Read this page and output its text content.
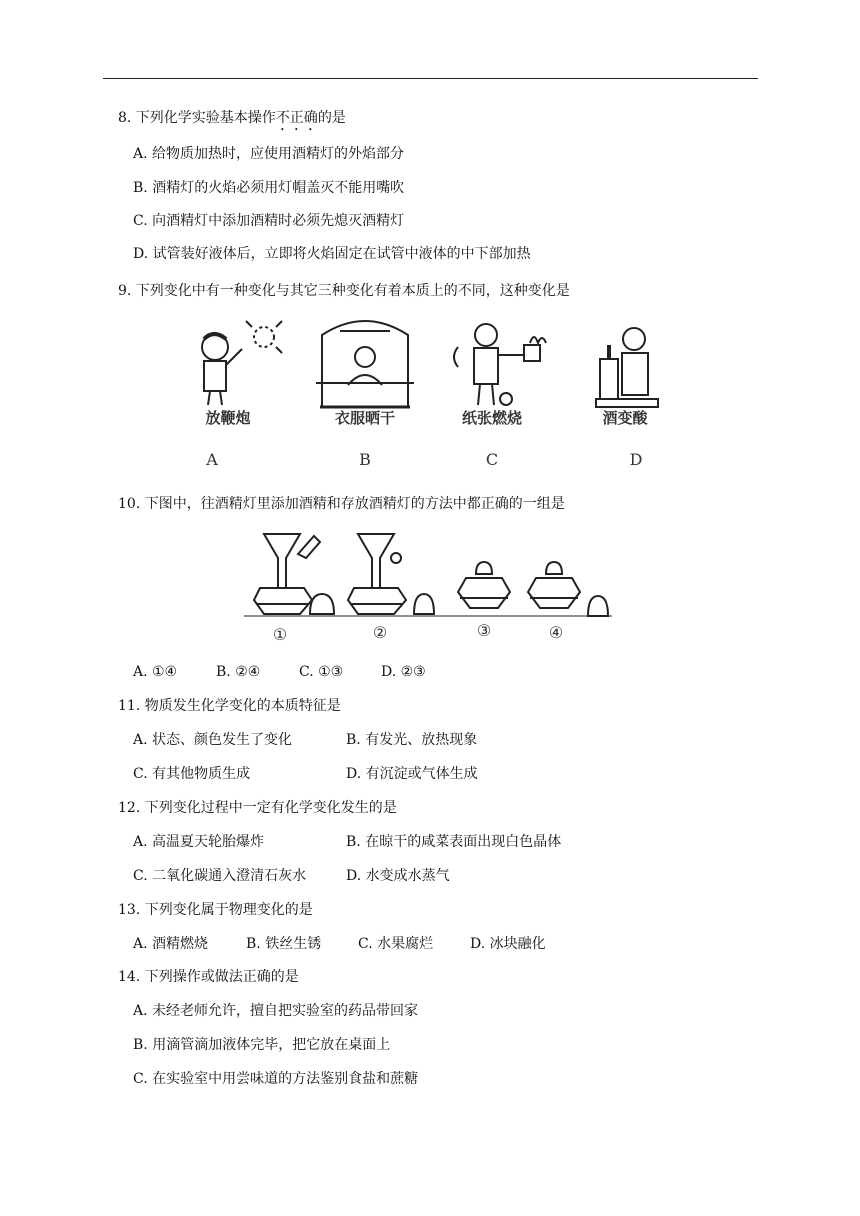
8. 下列化学实验基本操作不正确的是
A. 给物质加热时，应使用酒精灯的外焰部分
B. 酒精灯的火焰必须用灯帽盖灭不能用嘴吹
C. 向酒精灯中添加酒精时必须先熄灭酒精灯
D. 试管装好液体后，立即将火焰固定在试管中液体的中下部加热
9. 下列变化中有一种变化与其它三种变化有着本质上的不同，这种变化是
放鞭炮	衣服晒干	纸张燃烧	酒变酸
A	B	C	D
10. 下图中，往酒精灯里添加酒精和存放酒精灯的方法中都正确的一组是
①	②	③	④
A. ①④	B. ②④	C. ①③	D. ②③
11. 物质发生化学变化的本质特征是
A. 状态、颜色发生了变化	B. 有发光、放热现象
C. 有其他物质生成	D. 有沉淀或气体生成
12. 下列变化过程中一定有化学变化发生的是
A. 高温夏天轮胎爆炸	B. 在晾干的咸菜表面出现白色晶体
C. 二氧化碳通入澄清石灰水	D. 水变成水蒸气
13. 下列变化属于物理变化的是
A. 酒精燃烧	B. 铁丝生锈	C. 水果腐烂	D. 冰块融化
14. 下列操作或做法正确的是
A. 未经老师允许，擅自把实验室的药品带回家
B. 用滴管滴加液体完毕，把它放在桌面上
C. 在实验室中用尝味道的方法鉴别食盐和蔗糖
